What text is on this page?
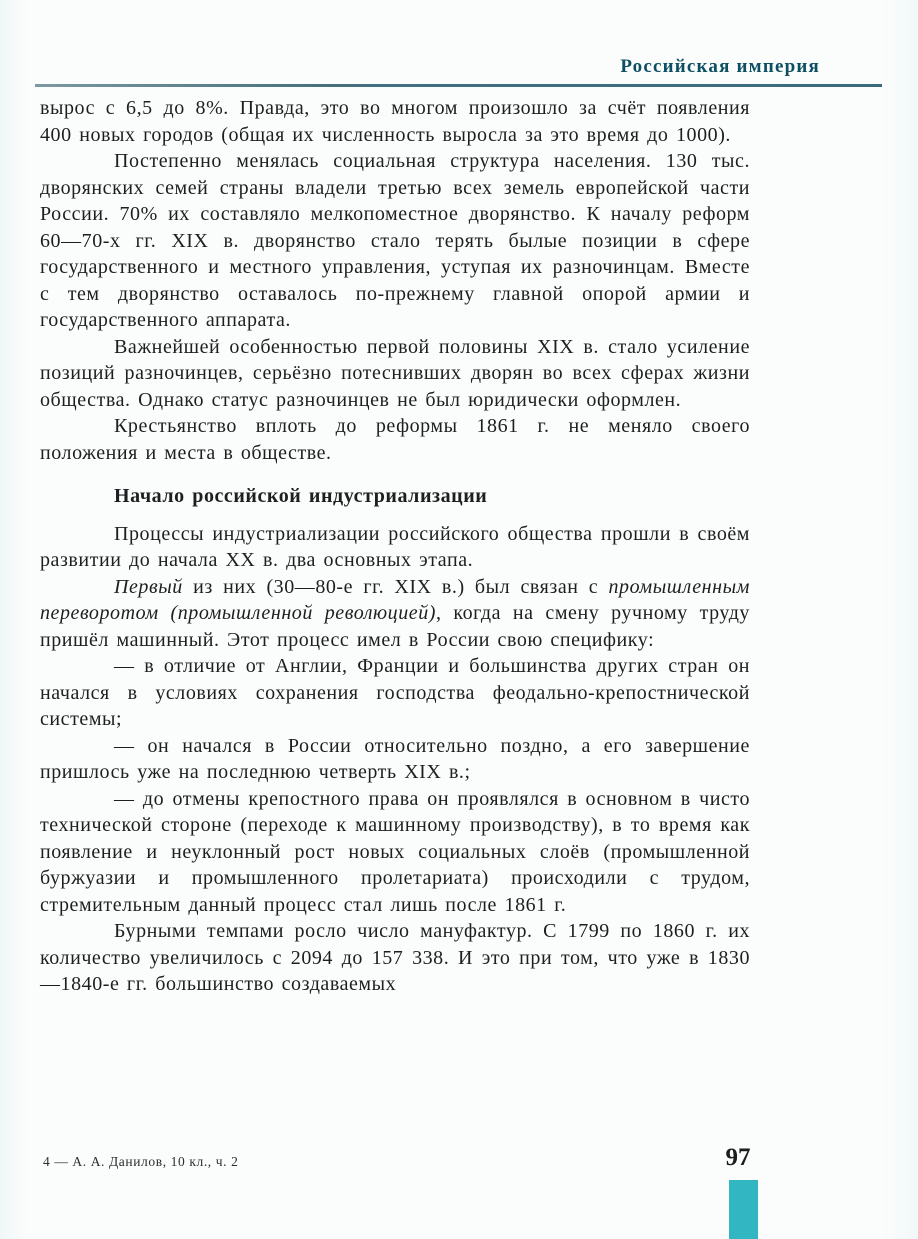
Российская империя

вырос с 6,5 до 8%. Правда, это во многом произошло за счёт появления 400 новых городов (общая их численность выросла за это время до 1000).

Постепенно менялась социальная структура населения. 130 тыс. дворянских семей страны владели третью всех земель европейской части России. 70% их составляло мелкопоместное дворянство. К началу реформ 60—70-х гг. XIX в. дворянство стало терять былые позиции в сфере государственного и местного управления, уступая их разночинцам. Вместе с тем дворянство оставалось по-прежнему главной опорой армии и государственного аппарата.

Важнейшей особенностью первой половины XIX в. стало усиление позиций разночинцев, серьёзно потеснивших дворян во всех сферах жизни общества. Однако статус разночинцев не был юридически оформлен.

Крестьянство вплоть до реформы 1861 г. не меняло своего положения и места в обществе.

Начало российской индустриализации

Процессы индустриализации российского общества прошли в своём развитии до начала XX в. два основных этапа.

Первый из них (30—80-е гг. XIX в.) был связан с промышленным переворотом (промышленной революцией), когда на смену ручному труду пришёл машинный. Этот процесс имел в России свою специфику:

— в отличие от Англии, Франции и большинства других стран он начался в условиях сохранения господства феодально-крепостнической системы;

— он начался в России относительно поздно, а его завершение пришлось уже на последнюю четверть XIX в.;

— до отмены крепостного права он проявлялся в основном в чисто технической стороне (переходе к машинному производству), в то время как появление и неуклонный рост новых социальных слоёв (промышленной буржуазии и промышленного пролетариата) происходили с трудом, стремительным данный процесс стал лишь после 1861 г.

Бурными темпами росло число мануфактур. С 1799 по 1860 г. их количество увеличилось с 2094 до 157 338. И это при том, что уже в 1830—1840-е гг. большинство создаваемых

4 — А. А. Данилов, 10 кл., ч. 2	97
